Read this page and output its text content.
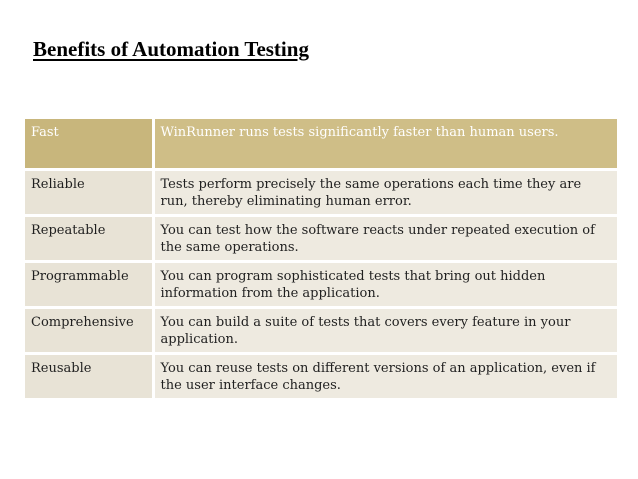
Benefits of Automation Testing
Fast	WinRunner runs tests significantly faster than human users.
Reliable	Tests perform precisely the same operations each time they are run, thereby eliminating human error.
Repeatable	You can test how the software reacts under repeated execution of the same operations.
Programmable	You can program sophisticated tests that bring out hidden information from the application.
Comprehensive	You can build a suite of tests that covers every feature in your application.
Reusable	You can reuse tests on different versions of an application, even if the user interface changes.
